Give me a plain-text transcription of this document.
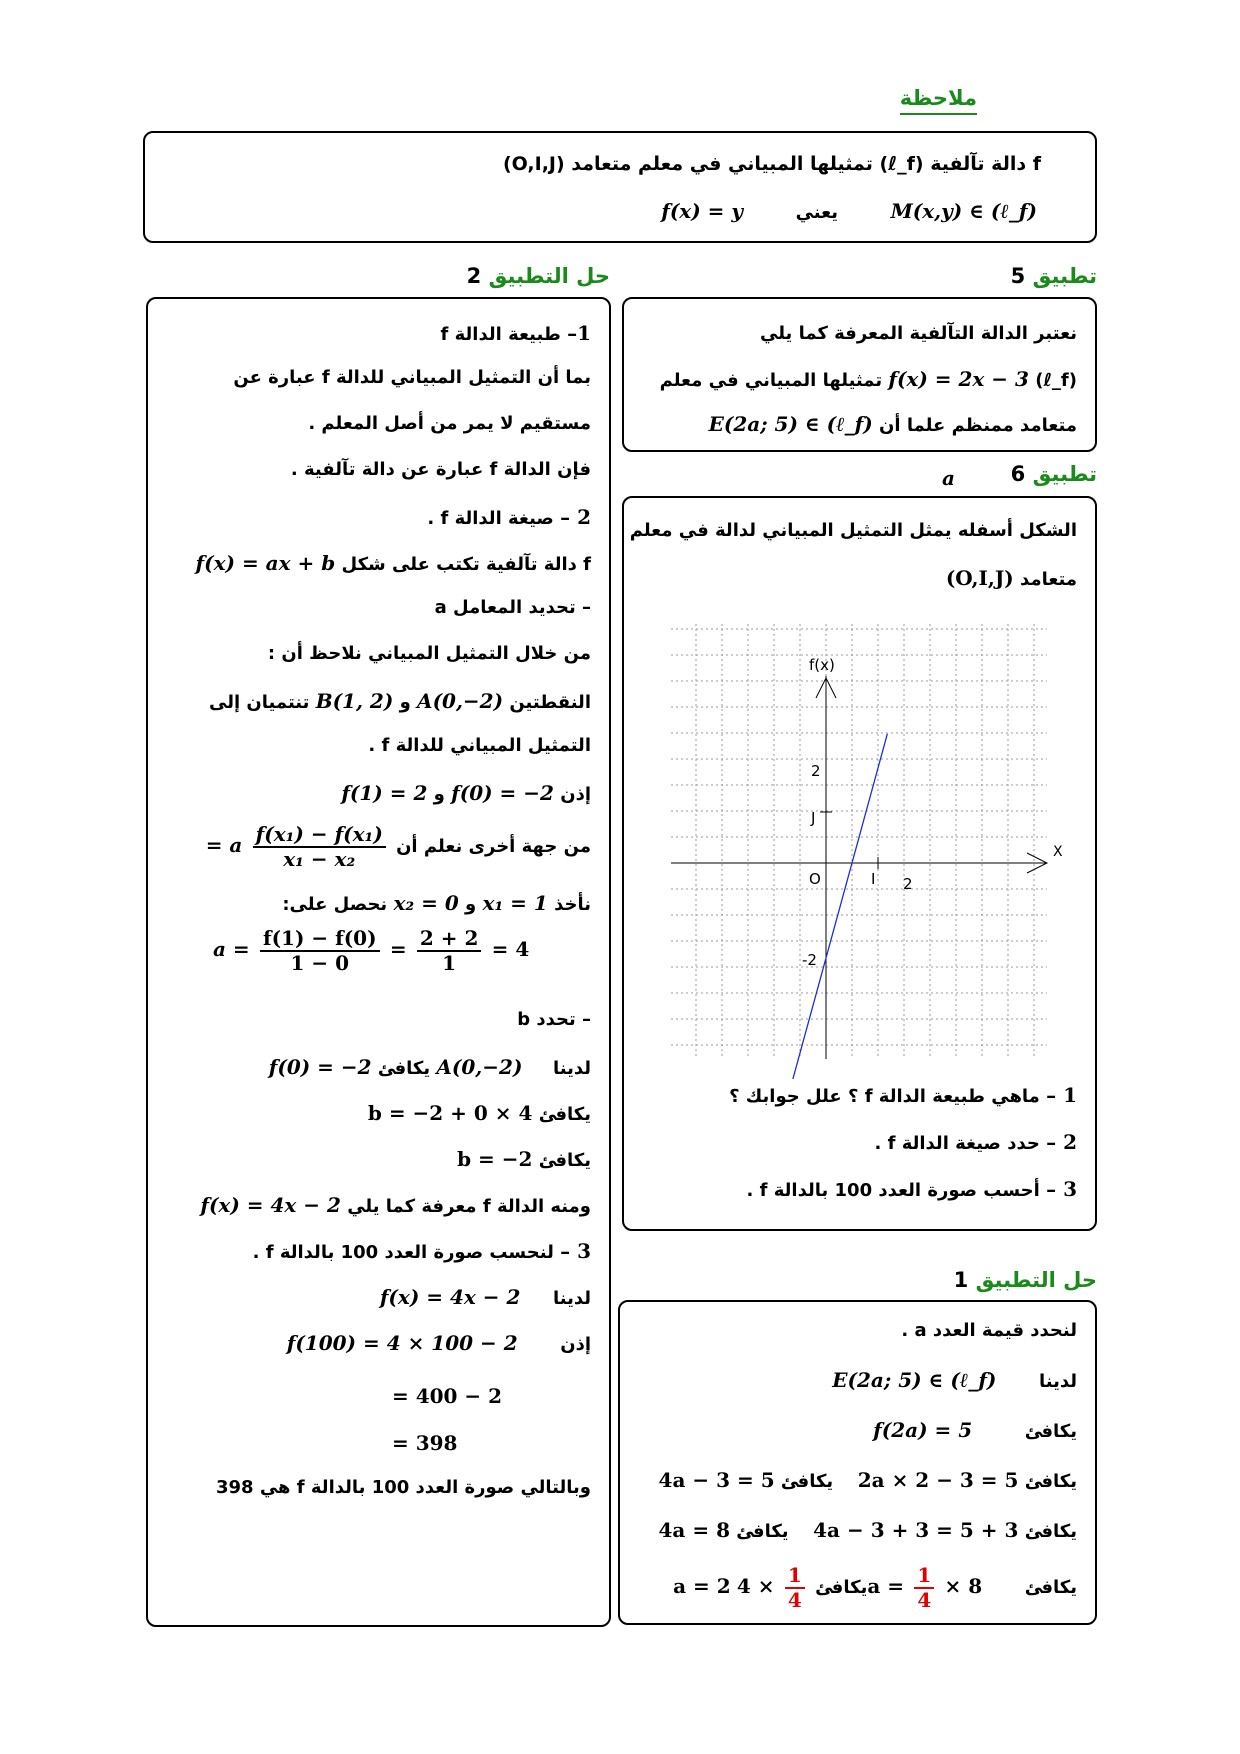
ملاحظة
f دالة تآلفية (ℓ_f) تمثيلها المبياني في معلم متعامد (O,I,J)
f(x) = y	يعني	M(x,y) ∈ (ℓ_f)
تطبيق 5
نعتبر الدالة التآلفية المعرفة كما يلي
f(x) = 2x − 3 (ℓ_f) تمثيلها المبياني في معلم
متعامد ممنظم علما أن E(2a; 5) ∈ (ℓ_f)
a	تطبيق 6
الشكل أسفله يمثل التمثيل المبياني لدالة في معلم
متعامد (O,I,J)
f(x)
X
O	I 2
J
2
-2
1 – ماهي طبيعة الدالة f ؟ علل جوابك ؟
2 – حدد صيغة الدالة f .
3 – أحسب صورة العدد 100 بالدالة f .
حل التطبيق 1
لنحدد قيمة العدد a .
لدينا  E(2a; 5) ∈ (ℓ_f)
يكافئ  f(2a) = 5
يكافئ 5 = 2a × 2 − 3  يكافئ 5 = 3 − 4a
يكافئ 3 + 5 = 3 + 3 − 4a  يكافئ 4a = 8
a = 2	يكافئ
$\frac{1}{4}$
× $4a = \frac{1}{4} \times 8$ يكافئ
حل التطبيق 2
1– طبيعة الدالة f
بما أن التمثيل المبياني للدالة f عبارة عن
مستقيم لا يمر من أصل المعلم .
فإن الدالة f عبارة عن دالة تآلفية .
2 – صيغة الدالة f .
f دالة تآلفية تكتب على شكل f(x) = ax + b
– تحديد المعامل a
من خلال التمثيل المبياني نلاحظ أن :
النقطتين A(0,−2) و B(1, 2) تنتميان إلى
التمثيل المبياني للدالة f .
إذن f(0) = −2 و f(1) = 2
من جهة أخرى نعلم أن
$\frac{\text{f(x₁) − f(x₁)}}{\text{x₁ − x₂}}$
a =
نأخذ x₁ = 1 و x₂ = 0 نحصل على:
$a = \frac{f(1) - f(0)}{1 - 0} = \frac{2 + 2}{1} = 4$
– تحدد b
لدينا  A(0,−2) يكافئ f(0) = −2
يكافئ 4 × 0 + b = −2
يكافئ b = −2
ومنه الدالة f معرفة كما يلي f(x) = 4x − 2
3 – لنحسب صورة العدد 100 بالدالة f .
لدينا  f(x) = 4x − 2
إذن  f(100) = 4 × 100 − 2
= 400 − 2
= 398
وبالتالي صورة العدد 100 بالدالة f هي 398
